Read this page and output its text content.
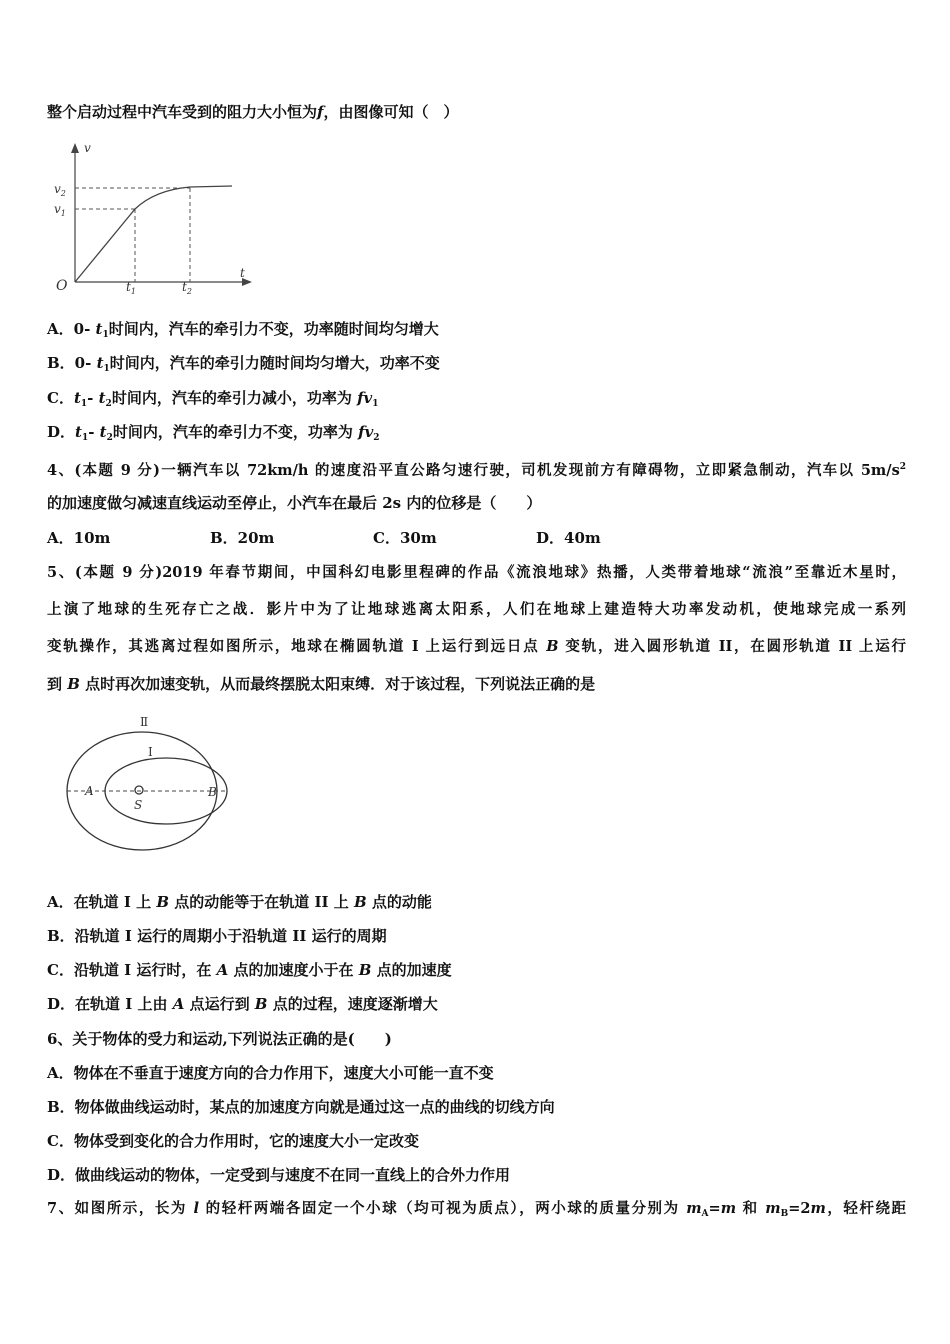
整个启动过程中汽车受到的阻力大小恒为f，由图像可知（　）
v
t
O
$v_2$
$v_1$
$t_1$	$t_2$
A．0- $t_1$时间内，汽车的牵引力不变，功率随时间均匀增大
B．0- $t_1$时间内，汽车的牵引力随时间均匀增大，功率不变
C．$t_1-$ $t_2$时间内，汽车的牵引力减小，功率为 $fv_1$
D．$t_1-$ $t_2$时间内，汽车的牵引力不变，功率为 $fv_2$
4、(本题 9 分)一辆汽车以 72km/h 的速度沿平直公路匀速行驶，司机发现前方有障碍物，立即紧急制动，汽车以 $5m/s^2$
的加速度做匀减速直线运动至停止，小汽车在最后 2s 内的位移是（　　）
A．10m	B．20m	C．30m	D．40m
5、(本题 9 分)2019 年春节期间，中国科幻电影里程碑的作品《流浪地球》热播，人类带着地球“流浪”至靠近木星时，
上演了地球的生死存亡之战．影片中为了让地球逃离太阳系，人们在地球上建造特大功率发动机，使地球完成一系列
变轨操作，其逃离过程如图所示，地球在椭圆轨道 I 上运行到远日点 B 变轨，进入圆形轨道 II，在圆形轨道 II 上运行
到 B 点时再次加速变轨，从而最终摆脱太阳束缚．对于该过程，下列说法正确的是
Ⅱ
I
A
S
B
A．在轨道 I 上 B 点的动能等于在轨道 II 上 B 点的动能
B．沿轨道 I 运行的周期小于沿轨道 II 运行的周期
C．沿轨道 I 运行时，在 A 点的加速度小于在 B 点的加速度
D．在轨道 I 上由 A 点运行到 B 点的过程，速度逐渐增大
6、关于物体的受力和运动,下列说法正确的是(　　)
A．物体在不垂直于速度方向的合力作用下，速度大小可能一直不变
B．物体做曲线运动时，某点的加速度方向就是通过这一点的曲线的切线方向
C．物体受到变化的合力作用时，它的速度大小一定改变
D．做曲线运动的物体，一定受到与速度不在同一直线上的合外力作用
7、如图所示，长为 l 的轻杆两端各固定一个小球（均可视为质点），两小球的质量分别为 $m_A=m$ 和 $m_B=2m$，轻杆绕距
